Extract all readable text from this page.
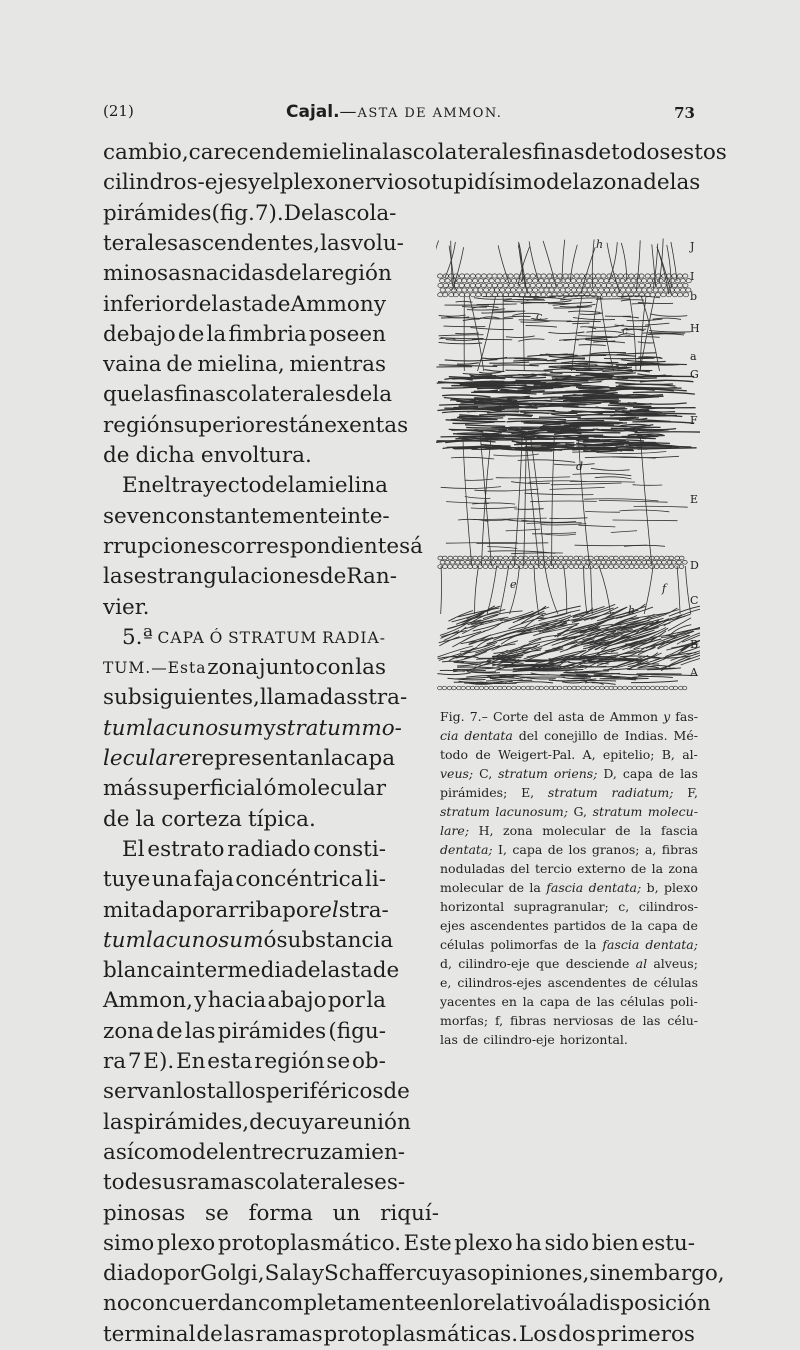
(21)	Cajal.—ASTA DE AMMON.	73
cambio, carecen de mielina las colaterales finas de todos estos
cilindros-ejes y el plexo nervioso tupidísimo de la zona de las
pirámides (fig. 7). De las cola-
terales ascendentes, las volu-
minosas nacidas de la región
inferior del asta de Ammon y
debajo de la fimbria poseen
vaina de mielina, mientras
que las finas colaterales de la
región superior están exentas
de dicha envoltura.
En el trayecto de la mielina
se ven constantemente inte-
rrupciones correspondientes á
las estrangulaciones de Ran-
vier.
5.ª CAPA Ó STRATUM RADIA-
TUM.—Esta zona junto con las
subsiguientes, llamadas stra-
tum lacunosum y stratum mo-
leculare representan la capa
más superficial ó molecular
de la corteza típica.
El estrato radiado consti-
tuye una faja concéntrica li-
mitada por arriba por el stra-
tum lacunosum ó substancia
blanca intermedia del asta de
Ammon, y hacia abajo por la
zona de las pirámides (figu-
ra 7 E). En esta región se ob-
servan los tallos periféricos de
las pirámides, de cuya reunión
así como del entrecruzamien-
to de sus ramas colaterales es-
pinosas se forma un riquí-
simo plexo protoplasmático. Este plexo ha sido bien estu-
diado por Golgi, Sala y Schaffer cuyas opiniones, sin embargo,
no concuerdan completamente en lo relativo á la disposición
terminal de las ramas protoplasmáticas. Los dos primeros
J
I
b
H
a
G
F
E
D
C
B
A
h
c
c
d
e	f
h
Fig. 7.– Corte del asta de Ammon y fas-
cia dentata del conejillo de Indias. Mé-
todo de Weigert-Pal. A, epitelio; B, al-
veus; C, stratum oriens; D, capa de las
pirámides; E, stratum radiatum; F,
stratum lacunosum; G, stratum molecu-
lare; H, zona molecular de la fascia
dentata; I, capa de los granos; a, fibras
noduladas del tercio externo de la zona
molecular de la fascia dentata; b, plexo
horizontal supragranular; c, cilindros-
ejes ascendentes partidos de la capa de
células polimorfas de la fascia dentata;
d, cilindro-eje que desciende al alveus;
e, cilindros-ejes ascendentes de células
yacentes en la capa de las células poli-
morfas; f, fibras nerviosas de las célu-
las de cilindro-eje horizontal.
